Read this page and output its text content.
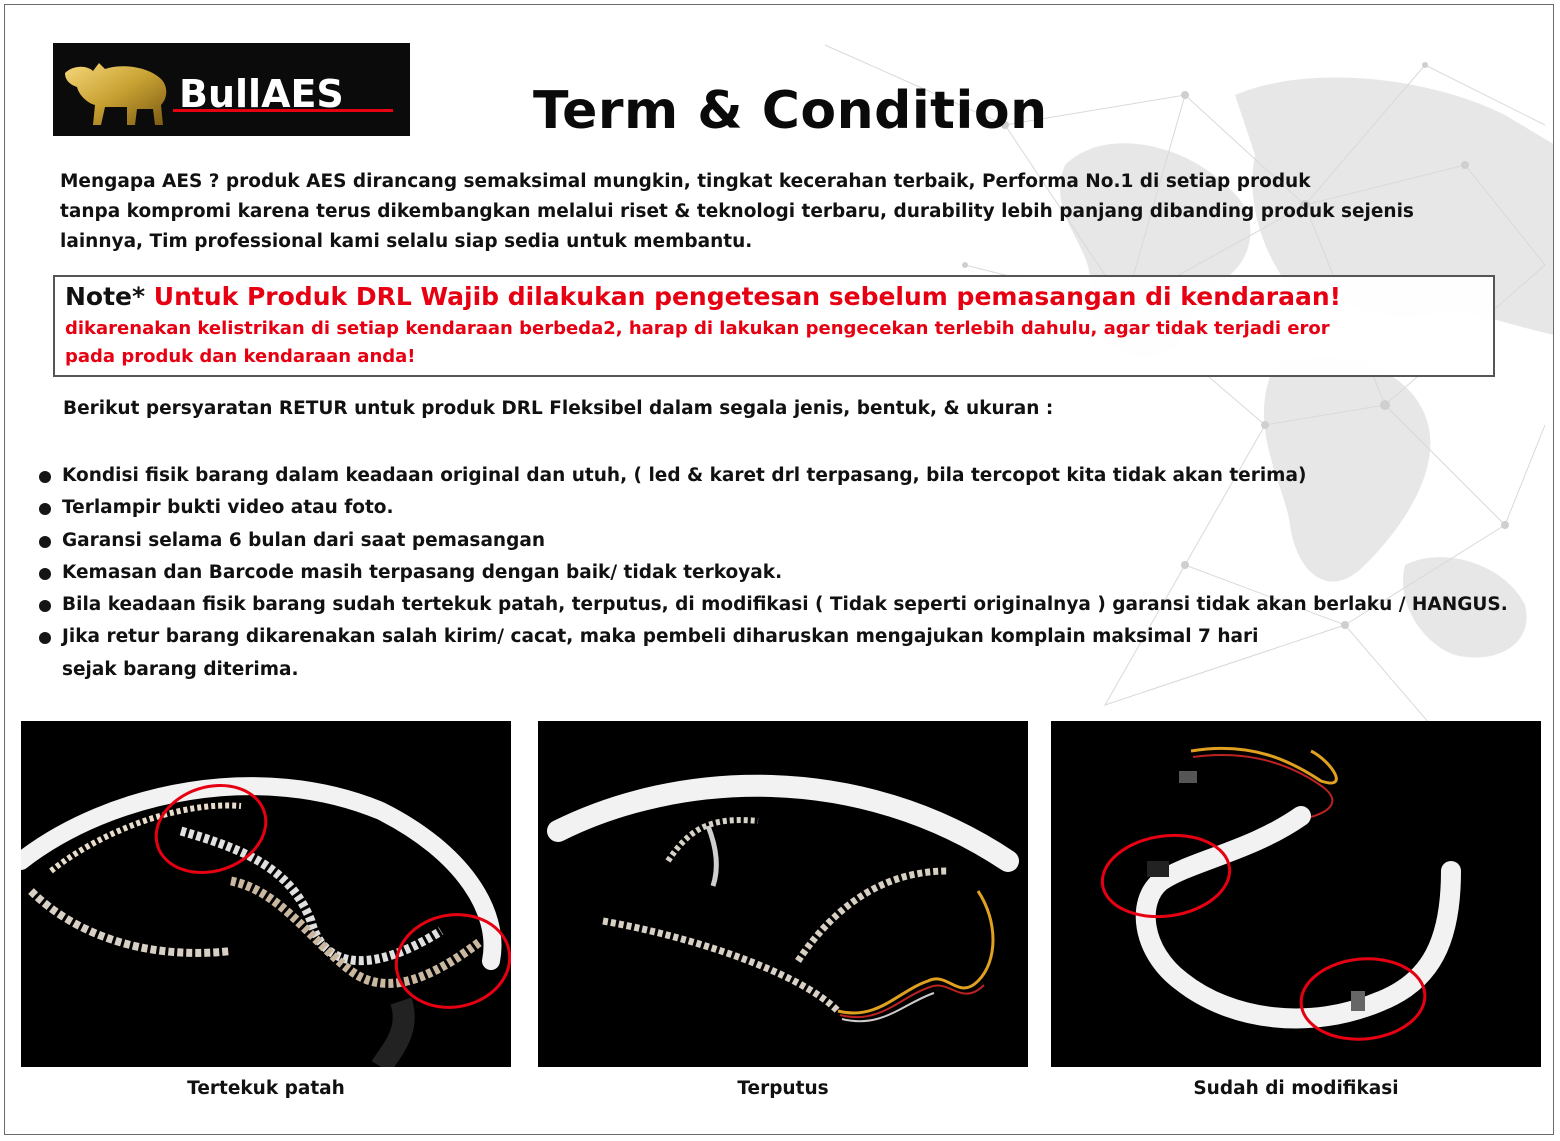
BullAES	Term & Condition
Mengapa AES ? produk AES dirancang semaksimal mungkin, tingkat kecerahan terbaik, Performa No.1 di setiap produk
tanpa kompromi karena terus dikembangkan melalui riset & teknologi terbaru, durability lebih panjang dibanding produk sejenis
lainnya, Tim professional kami selalu siap sedia untuk membantu.
Note* Untuk Produk DRL Wajib dilakukan pengetesan sebelum pemasangan di kendaraan!
dikarenakan kelistrikan di setiap kendaraan berbeda2, harap di lakukan pengecekan terlebih dahulu, agar tidak terjadi eror
pada produk dan kendaraan anda!
Berikut persyaratan RETUR untuk produk DRL Fleksibel dalam segala jenis, bentuk, & ukuran :
Kondisi fisik barang dalam keadaan original dan utuh, ( led & karet drl terpasang, bila tercopot kita tidak akan terima)
Terlampir bukti video atau foto.
Garansi selama 6 bulan dari saat pemasangan
Kemasan dan Barcode masih terpasang dengan baik/ tidak terkoyak.
Bila keadaan fisik barang sudah tertekuk patah, terputus, di modifikasi ( Tidak seperti originalnya ) garansi tidak akan berlaku / HANGUS.
Jika retur barang dikarenakan salah kirim/ cacat, maka pembeli diharuskan mengajukan komplain maksimal 7 hari
sejak barang diterima.
Tertekuk patah	Terputus	Sudah di modifikasi
